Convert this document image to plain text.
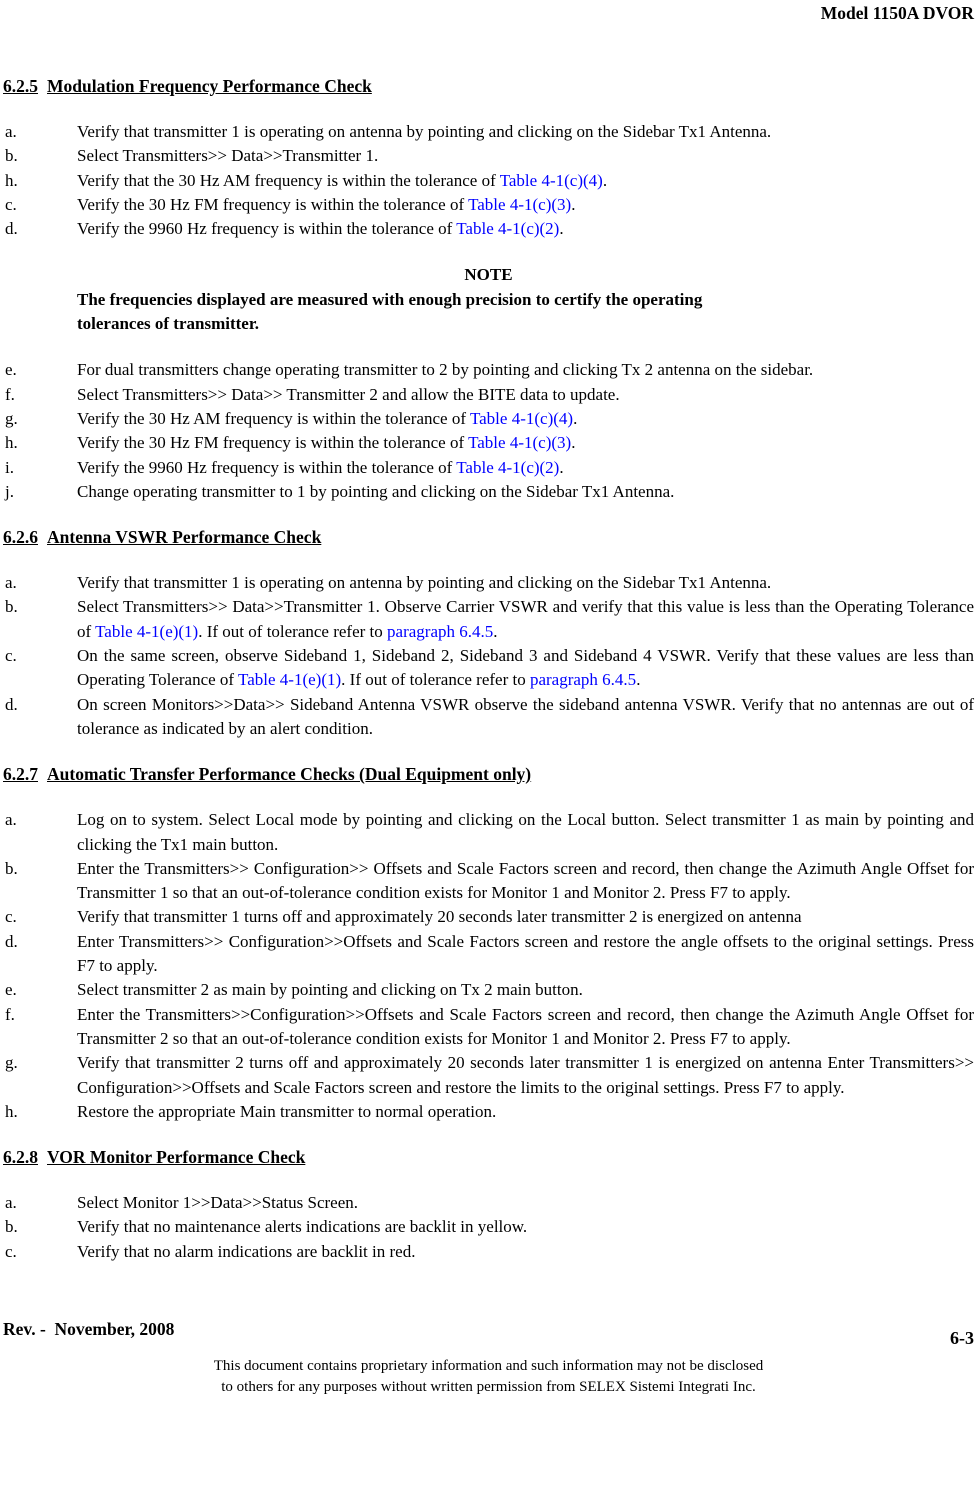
Model 1150A DVOR
6.2.5 Modulation Frequency Performance Check
a.	Verify that transmitter 1 is operating on antenna by pointing and clicking on the Sidebar Tx1 Antenna.
b.	Select Transmitters>> Data>>Transmitter 1.
h.	Verify that the 30 Hz AM frequency is within the tolerance of Table 4-1(c)(4).
c.	Verify the 30 Hz FM frequency is within the tolerance of Table 4-1(c)(3).
d.	Verify the 9960 Hz frequency is within the tolerance of Table 4-1(c)(2).
NOTE
The frequencies displayed are measured with enough precision to certify the operating
tolerances of transmitter.
e.	For dual transmitters change operating transmitter to 2 by pointing and clicking Tx 2 antenna on the sidebar.
f.	Select Transmitters>> Data>> Transmitter 2 and allow the BITE data to update.
g.	Verify the 30 Hz AM frequency is within the tolerance of Table 4-1(c)(4).
h.	Verify the 30 Hz FM frequency is within the tolerance of Table 4-1(c)(3).
i.	Verify the 9960 Hz frequency is within the tolerance of Table 4-1(c)(2).
j.	Change operating transmitter to 1 by pointing and clicking on the Sidebar Tx1 Antenna.
6.2.6 Antenna VSWR Performance Check
a.	Verify that transmitter 1 is operating on antenna by pointing and clicking on the Sidebar Tx1 Antenna.
b.	Select Transmitters>> Data>>Transmitter 1. Observe Carrier VSWR and verify that this value is less than the Operating Tolerance of Table 4-1(e)(1). If out of tolerance refer to paragraph 6.4.5.
c.	On the same screen, observe Sideband 1, Sideband 2, Sideband 3 and Sideband 4 VSWR. Verify that these values are less than Operating Tolerance of Table 4-1(e)(1). If out of tolerance refer to paragraph 6.4.5.
d.	On screen Monitors>>Data>> Sideband Antenna VSWR observe the sideband antenna VSWR. Verify that no antennas are out of tolerance as indicated by an alert condition.
6.2.7 Automatic Transfer Performance Checks (Dual Equipment only)
a.	Log on to system. Select Local mode by pointing and clicking on the Local button. Select transmitter 1 as main by pointing and clicking the Tx1 main button.
b.	Enter the Transmitters>> Configuration>> Offsets and Scale Factors screen and record, then change the Azimuth Angle Offset for Transmitter 1 so that an out-of-tolerance condition exists for Monitor 1 and Monitor 2. Press F7 to apply.
c.	Verify that transmitter 1 turns off and approximately 20 seconds later transmitter 2 is energized on antenna
d.	Enter Transmitters>> Configuration>>Offsets and Scale Factors screen and restore the angle offsets to the original settings. Press F7 to apply.
e.	Select transmitter 2 as main by pointing and clicking on Tx 2 main button.
f.	Enter the Transmitters>>Configuration>>Offsets and Scale Factors screen and record, then change the Azimuth Angle Offset for Transmitter 2 so that an out-of-tolerance condition exists for Monitor 1 and Monitor 2. Press F7 to apply.
g.	Verify that transmitter 2 turns off and approximately 20 seconds later transmitter 1 is energized on antenna Enter Transmitters>> Configuration>>Offsets and Scale Factors screen and restore the limits to the original settings. Press F7 to apply.
h.	Restore the appropriate Main transmitter to normal operation.
6.2.8 VOR Monitor Performance Check
a.	Select Monitor 1>>Data>>Status Screen.
b.	Verify that no maintenance alerts indications are backlit in yellow.
c.	Verify that no alarm indications are backlit in red.
Rev. -  November, 2008	6-3
This document contains proprietary information and such information may not be disclosed
to others for any purposes without written permission from SELEX Sistemi Integrati Inc.
